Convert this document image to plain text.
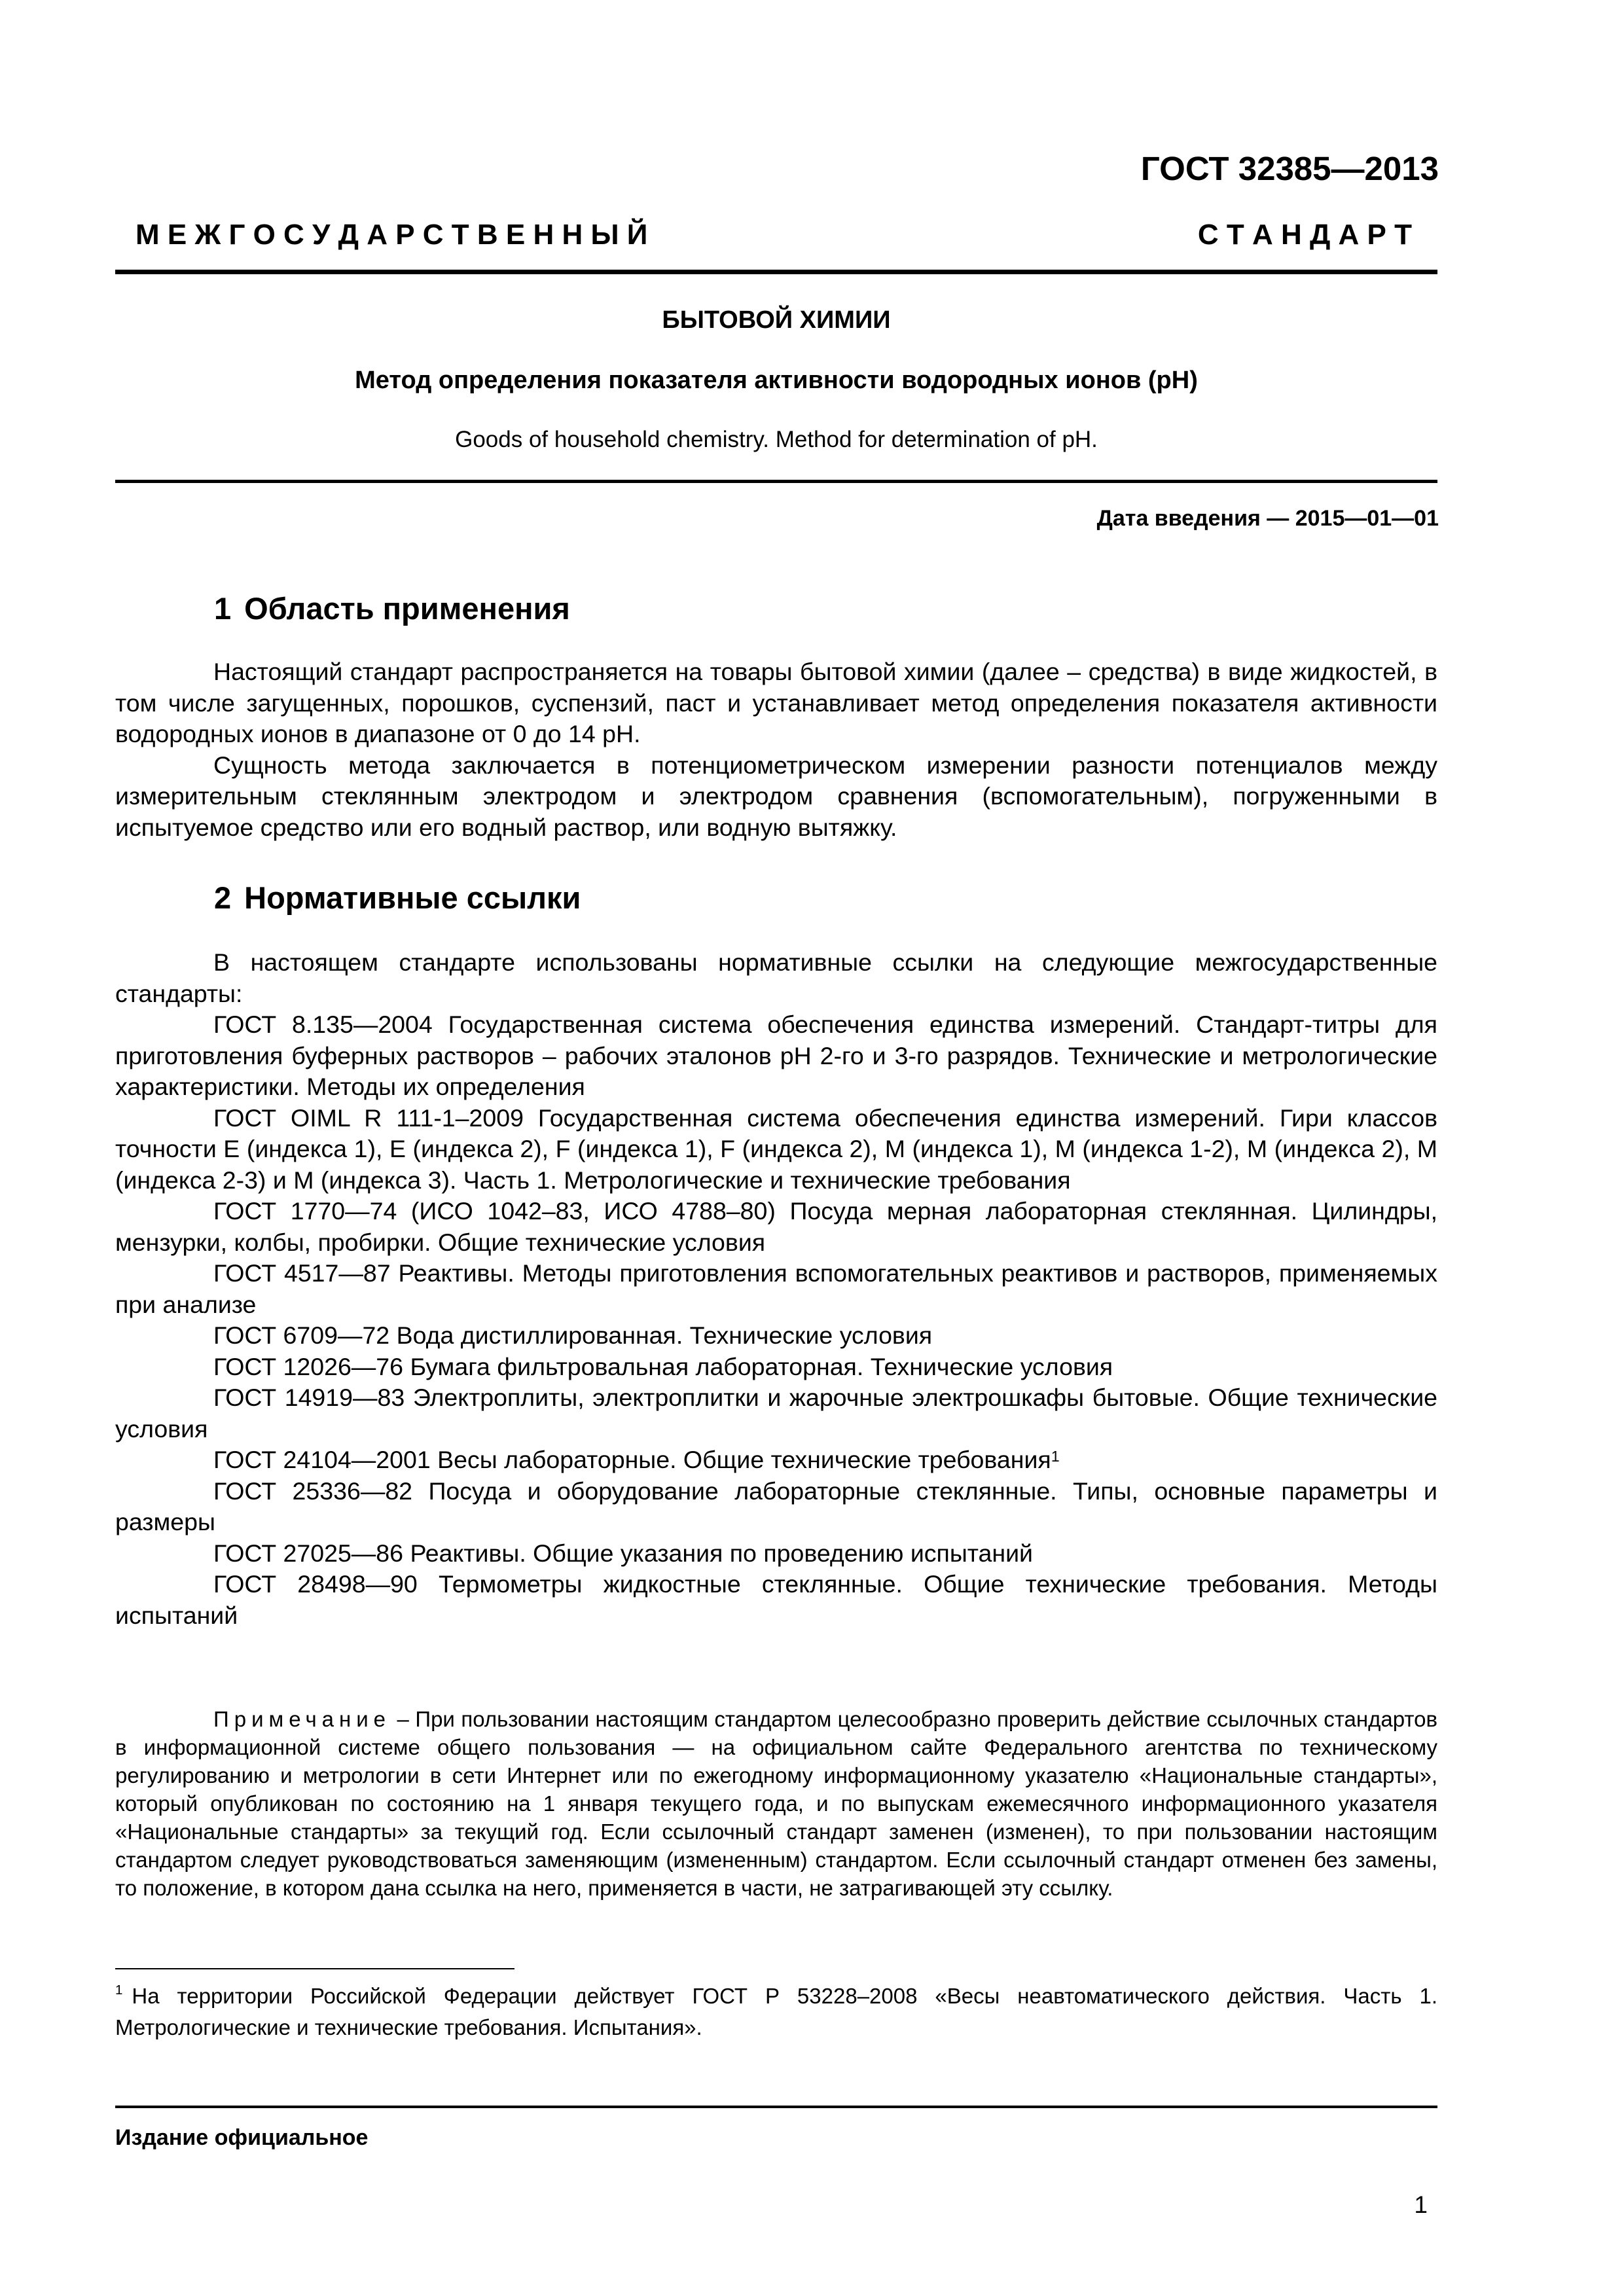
ГОСТ 32385—2013
М Е Ж Г О С У Д А Р С Т В Е Н Н Ы Й	С Т А Н Д А Р Т
БЫТОВОЙ ХИМИИ
Метод определения показателя активности водородных ионов (pH)
Goods of household chemistry. Method for determination of pH.
Дата введения — 2015—01—01
1 Область применения

Настоящий стандарт распространяется на товары бытовой химии (далее – средства) в виде жидкостей, в том числе загущенных, порошков, суспензий, паст и устанавливает метод определения показателя активности водородных ионов в диапазоне от 0 до 14 pH.

Сущность метода заключается в потенциометрическом измерении разности потенциалов между измерительным стеклянным электродом и электродом сравнения (вспомогательным), погруженными в испытуемое средство или его водный раствор, или водную вытяжку.

2 Нормативные ссылки

В настоящем стандарте использованы нормативные ссылки на следующие межгосударственные стандарты:

ГОСТ 8.135—2004 Государственная система обеспечения единства измерений. Стандарт-титры для приготовления буферных растворов – рабочих эталонов pH 2-го и 3-го разрядов. Технические и метрологические характеристики. Методы их определения

ГОСТ OIML R 111-1–2009 Государственная система обеспечения единства измерений. Гири классов точности E (индекса 1), E (индекса 2), F (индекса 1), F (индекса 2), M (индекса 1), M (индекса 1-2), M (индекса 2), M (индекса 2-3) и M (индекса 3). Часть 1. Метрологические и технические требования

ГОСТ 1770—74 (ИСО 1042–83, ИСО 4788–80) Посуда мерная лабораторная стеклянная. Цилиндры, мензурки, колбы, пробирки. Общие технические условия

ГОСТ 4517—87 Реактивы. Методы приготовления вспомогательных реактивов и растворов, применяемых при анализе

ГОСТ 6709—72 Вода дистиллированная. Технические условия

ГОСТ 12026—76 Бумага фильтровальная лабораторная. Технические условия

ГОСТ 14919—83 Электроплиты, электроплитки и жарочные электрошкафы бытовые. Общие технические условия

ГОСТ 24104—2001 Весы лабораторные. Общие технические требования$^1$

ГОСТ 25336—82 Посуда и оборудование лабораторные стеклянные. Типы, основные параметры и размеры

ГОСТ 27025—86 Реактивы. Общие указания по проведению испытаний

ГОСТ 28498—90 Термометры жидкостные стеклянные. Общие технические требования. Методы испытаний

Примечание – При пользовании настоящим стандартом целесообразно проверить действие ссылочных стандартов в информационной системе общего пользования — на официальном сайте Федерального агентства по техническому регулированию и метрологии в сети Интернет или по ежегодному информационному указателю «Национальные стандарты», который опубликован по состоянию на 1 января текущего года, и по выпускам ежемесячного информационного указателя «Национальные стандарты» за текущий год. Если ссылочный стандарт заменен (изменен), то при пользовании настоящим стандартом следует руководствоваться заменяющим (измененным) стандартом. Если ссылочный стандарт отменен без замены, то положение, в котором дана ссылка на него, применяется в части, не затрагивающей эту ссылку.

$^1$ На территории Российской Федерации действует ГОСТ Р 53228–2008 «Весы неавтоматического действия. Часть 1. Метрологические и технические требования. Испытания».

Издание официальное
1
